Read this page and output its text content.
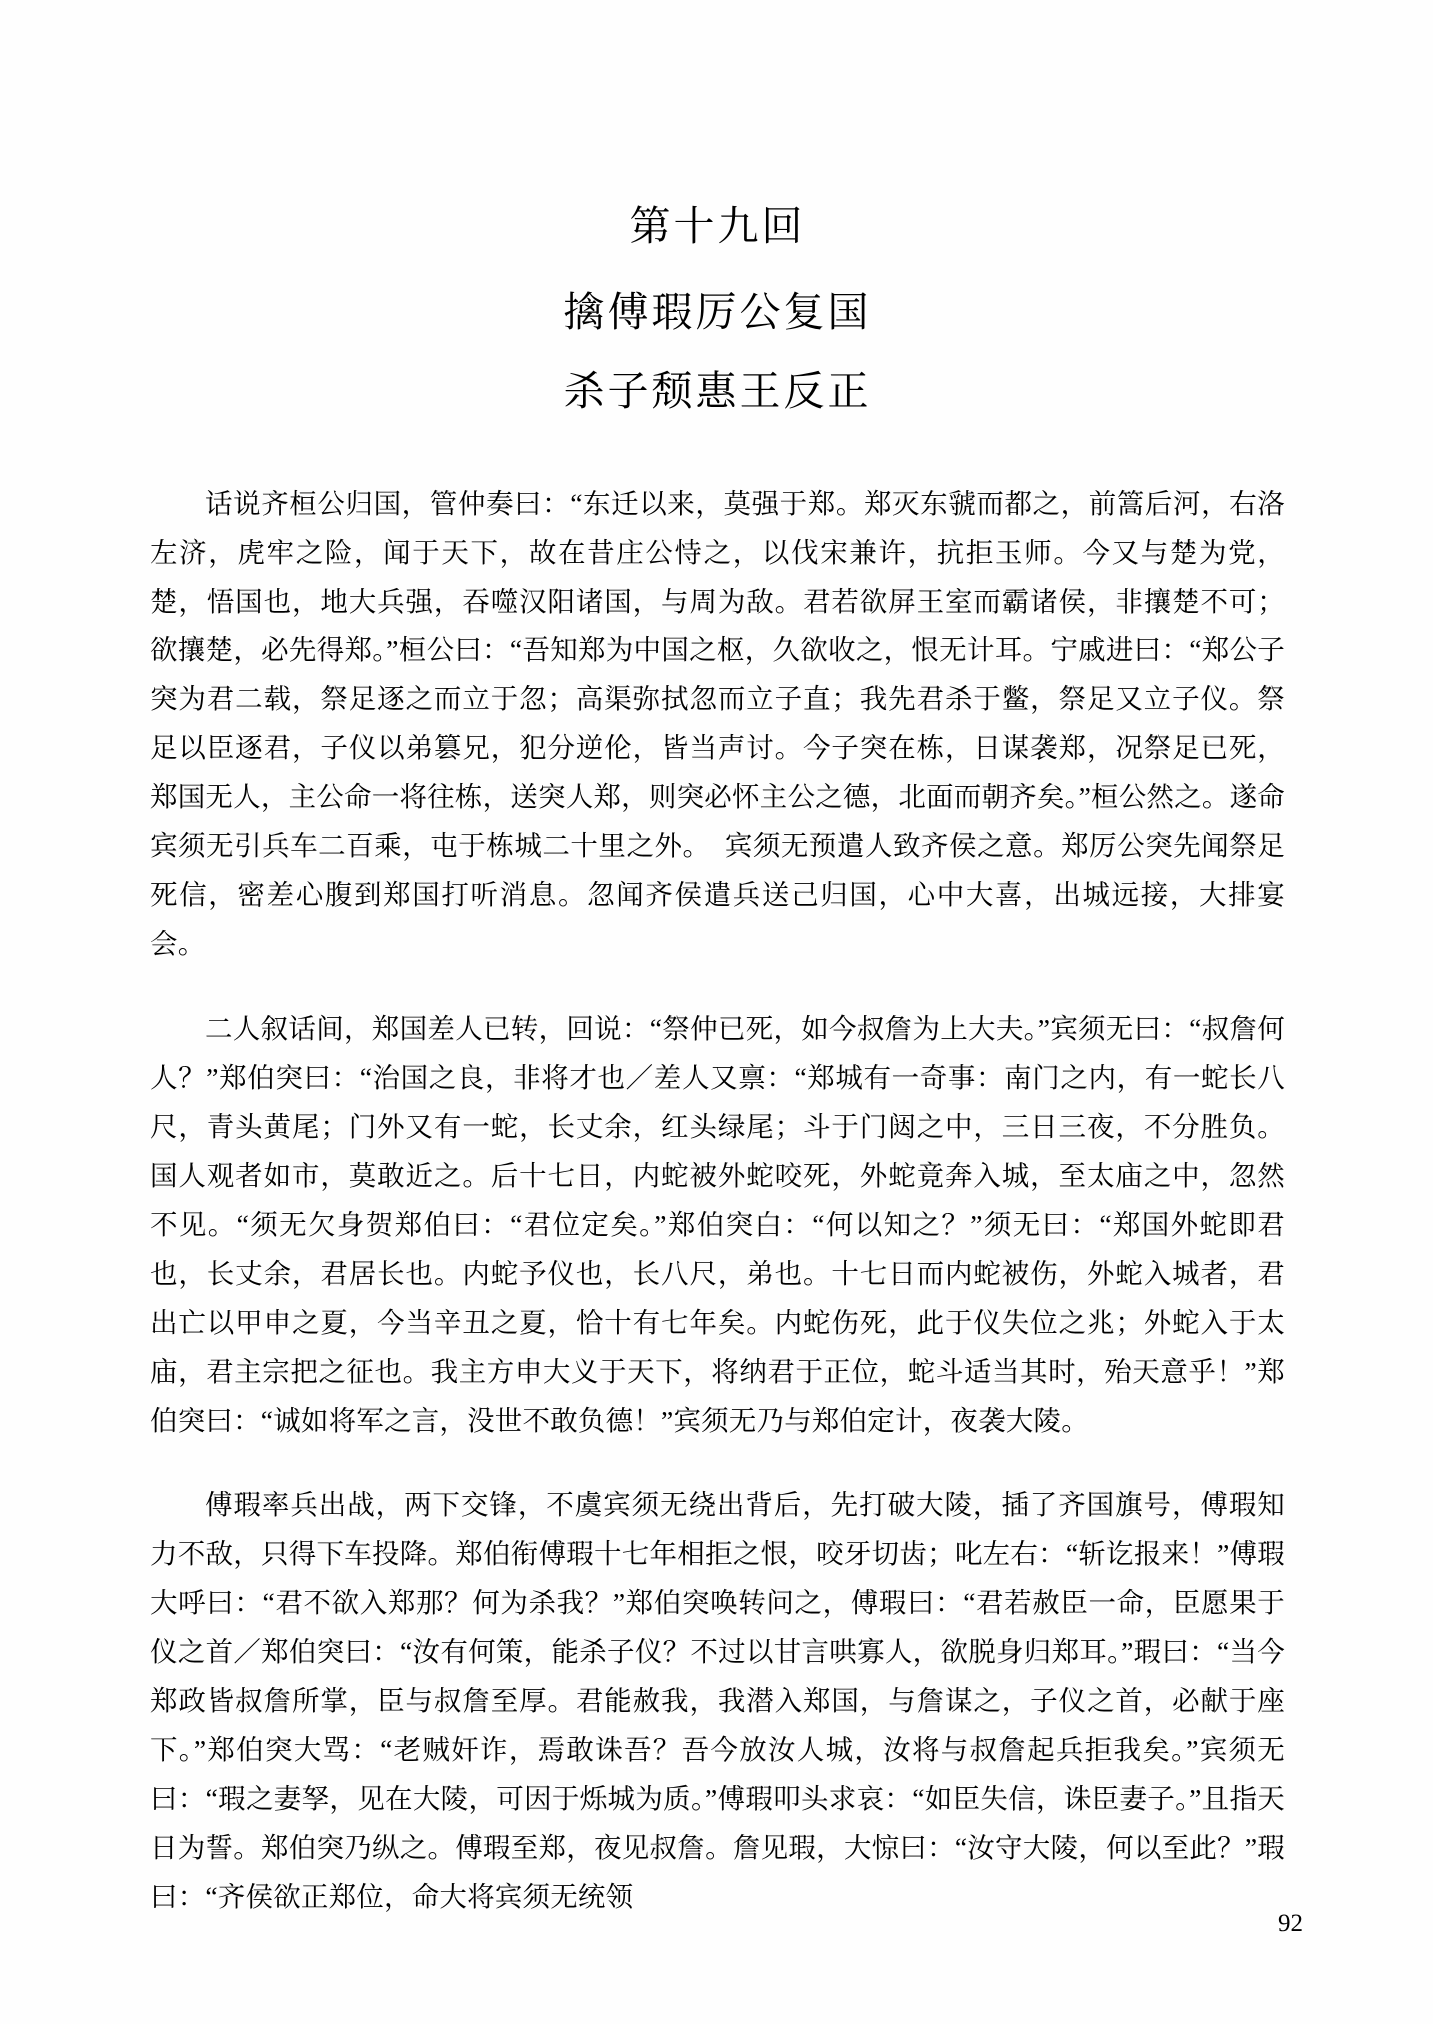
第十九回
擒傅瑕厉公复国
杀子颓惠王反正

话说齐桓公归国，管仲奏曰：“东迁以来，莫强于郑。郑灭东虢而都之，前篙后河，右洛左济，虎牢之险，闻于天下，故在昔庄公恃之，以伐宋兼许，抗拒玉师。今又与楚为党，楚，悟国也，地大兵强，吞噬汉阳诸国，与周为敌。君若欲屏王室而霸诸侯，非攘楚不可；欲攘楚，必先得郑。”桓公曰：“吾知郑为中国之枢，久欲收之，恨无计耳。宁戚进曰：“郑公子突为君二载，祭足逐之而立于忽；高渠弥拭忽而立子直；我先君杀于鳖，祭足又立子仪。祭足以臣逐君，子仪以弟篡兄，犯分逆伦，皆当声讨。今子突在栋，日谋袭郑，况祭足已死，郑国无人，主公命一将往栋，送突人郑，则突必怀主公之德，北面而朝齐矣。”桓公然之。遂命宾须无引兵车二百乘，屯于栋城二十里之外。　宾须无预遣人致齐侯之意。郑厉公突先闻祭足死信，密差心腹到郑国打听消息。忽闻齐侯遣兵送己归国，心中大喜，出城远接，大排宴会。

二人叙话间，郑国差人已转，回说：“祭仲已死，如今叔詹为上大夫。”宾须无曰：“叔詹何人？”郑伯突曰：“治国之良，非将才也／差人又禀：“郑城有一奇事：南门之内，有一蛇长八尺，青头黄尾；门外又有一蛇，长丈余，红头绿尾；斗于门闼之中，三日三夜，不分胜负。国人观者如市，莫敢近之。后十七日，内蛇被外蛇咬死，外蛇竟奔入城，至太庙之中，忽然不见。“须无欠身贺郑伯曰：“君位定矣。”郑伯突白：“何以知之？”须无曰：“郑国外蛇即君也，长丈余，君居长也。内蛇予仪也，长八尺，弟也。十七日而内蛇被伤，外蛇入城者，君出亡以甲申之夏，今当辛丑之夏，恰十有七年矣。内蛇伤死，此于仪失位之兆；外蛇入于太庙，君主宗把之征也。我主方申大义于天下，将纳君于正位，蛇斗适当其时，殆天意乎！”郑伯突曰：“诚如将军之言，没世不敢负德！”宾须无乃与郑伯定计，夜袭大陵。

傅瑕率兵出战，两下交锋，不虞宾须无绕出背后，先打破大陵，插了齐国旗号，傅瑕知力不敌，只得下车投降。郑伯衔傅瑕十七年相拒之恨，咬牙切齿；叱左右：“斩讫报来！”傅瑕大呼曰：“君不欲入郑那？何为杀我？”郑伯突唤转问之，傅瑕曰：“君若赦臣一命，臣愿果于仪之首／郑伯突曰：“汝有何策，能杀子仪？不过以甘言哄寡人，欲脱身归郑耳。”瑕曰：“当今郑政皆叔詹所掌，臣与叔詹至厚。君能赦我，我潜入郑国，与詹谋之，子仪之首，必献于座下。”郑伯突大骂：“老贼奸诈，焉敢诛吾？吾今放汝人城，汝将与叔詹起兵拒我矣。”宾须无曰：“瑕之妻孥，见在大陵，可因于烁城为质。”傅瑕叩头求哀：“如臣失信，诛臣妻子。”且指天日为誓。郑伯突乃纵之。傅瑕至郑，夜见叔詹。詹见瑕，大惊曰：“汝守大陵，何以至此？”瑕曰：“齐侯欲正郑位，命大将宾须无统领

92
